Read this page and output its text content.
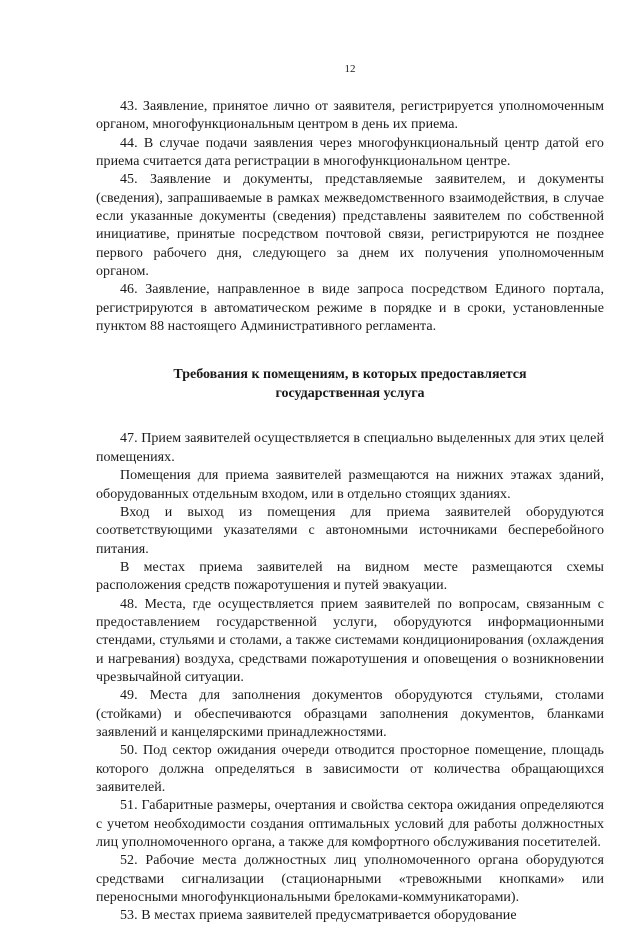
12

43. Заявление, принятое лично от заявителя, регистрируется уполномоченным органом, многофункциональным центром в день их приема.

44. В случае подачи заявления через многофункциональный центр датой его приема считается дата регистрации в многофункциональном центре.

45. Заявление и документы, представляемые заявителем, и документы (сведения), запрашиваемые в рамках межведомственного взаимодействия, в случае если указанные документы (сведения) представлены заявителем по собственной инициативе, принятые посредством почтовой связи, регистрируются не позднее первого рабочего дня, следующего за днем их получения уполномоченным органом.

46. Заявление, направленное в виде запроса посредством Единого портала, регистрируются в автоматическом режиме в порядке и в сроки, установленные пунктом 88 настоящего Административного регламента.

Требования к помещениям, в которых предоставляется
государственная услуга

47. Прием заявителей осуществляется в специально выделенных для этих целей помещениях.

Помещения для приема заявителей размещаются на нижних этажах зданий, оборудованных отдельным входом, или в отдельно стоящих зданиях.

Вход и выход из помещения для приема заявителей оборудуются соответствующими указателями с автономными источниками бесперебойного питания.

В местах приема заявителей на видном месте размещаются схемы расположения средств пожаротушения и путей эвакуации.

48. Места, где осуществляется прием заявителей по вопросам, связанным с предоставлением государственной услуги, оборудуются информационными стендами, стульями и столами, а также системами кондиционирования (охлаждения и нагревания) воздуха, средствами пожаротушения и оповещения о возникновении чрезвычайной ситуации.

49. Места для заполнения документов оборудуются стульями, столами (стойками) и обеспечиваются образцами заполнения документов, бланками заявлений и канцелярскими принадлежностями.

50. Под сектор ожидания очереди отводится просторное помещение, площадь которого должна определяться в зависимости от количества обращающихся заявителей.

51. Габаритные размеры, очертания и свойства сектора ожидания определяются с учетом необходимости создания оптимальных условий для работы должностных лиц уполномоченного органа, а также для комфортного обслуживания посетителей.

52. Рабочие места должностных лиц уполномоченного органа оборудуются средствами сигнализации (стационарными «тревожными кнопками» или переносными многофункциональными брелоками-коммуникаторами).

53. В местах приема заявителей предусматривается оборудование
